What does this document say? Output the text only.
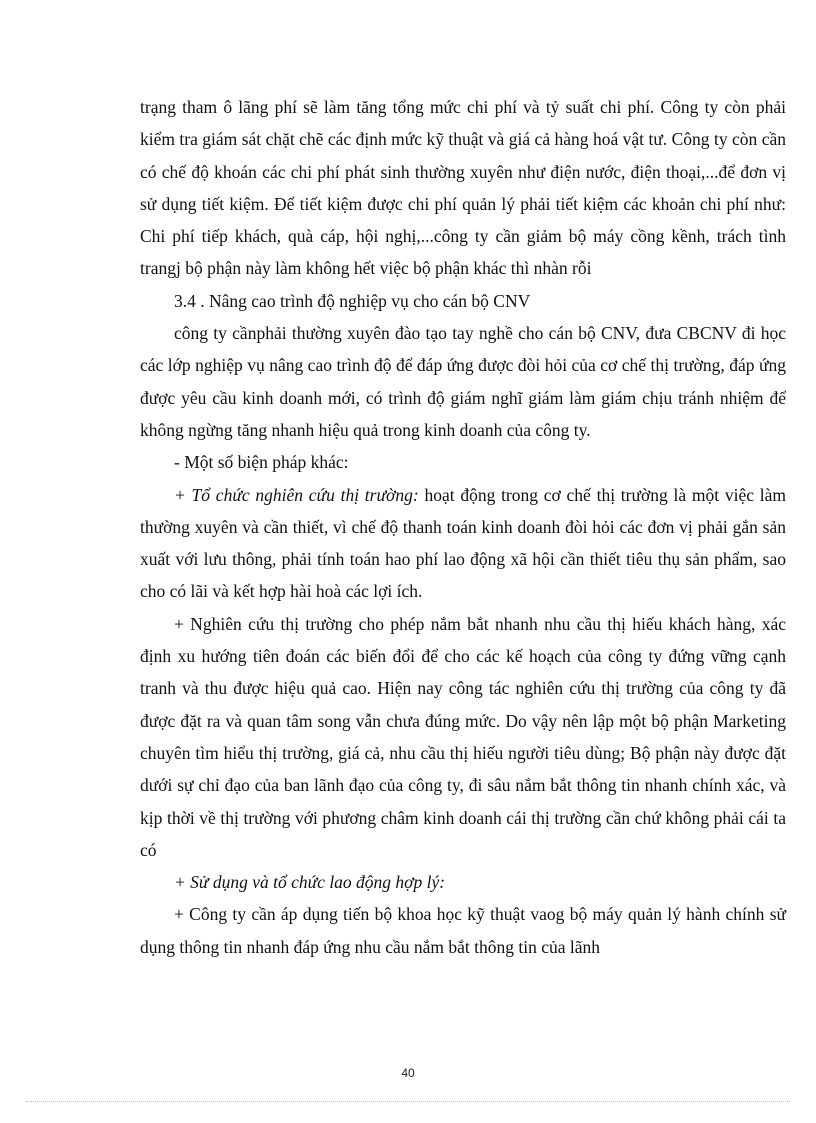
trạng tham ô lãng phí sẽ làm tăng tổng mức chi phí và tỷ suất chi phí. Công ty còn phải kiểm tra giám sát chặt chẽ các định mức kỹ thuật và giá cả hàng hoá vật tư. Công ty còn cần có chế độ khoán các chi phí phát sinh thường xuyên như điện nước, điện thoại,...để đơn vị sử dụng tiết kiệm. Để tiết kiệm được chi phí quản lý phải tiết kiệm các khoản chi phí như: Chi phí tiếp khách, quà cáp, hội nghị,...công ty cần giảm bộ máy cồng kềnh, trách tình trangj bộ phận này làm không hết việc bộ phận khác thì nhàn rỗi

3.4 . Nâng cao trình độ nghiệp vụ cho cán bộ CNV

công ty cầnphải thường xuyên đào tạo tay nghề cho cán bộ CNV, đưa CBCNV đi học các lớp nghiệp vụ nâng cao trình độ để đáp ứng được đòi hỏi của cơ chế thị trường, đáp ứng được yêu cầu kinh doanh mới, có trình độ giám nghĩ giám làm giám chịu tránh nhiệm để không ngừng tăng nhanh hiệu quả trong kinh doanh của công ty.

- Một số biện pháp khác:

+ Tổ chức nghiên cứu thị trường: hoạt động trong cơ chế thị trường là một việc làm thường xuyên và cần thiết, vì chế độ thanh toán kinh doanh đòi hỏi các đơn vị phải gắn sản xuất với lưu thông, phải tính toán hao phí lao động xã hội cần thiết tiêu thụ sản phẩm, sao cho có lãi và kết hợp hài hoà các lợi ích.

+ Nghiên cứu thị trường cho phép nắm bắt nhanh nhu cầu thị hiếu khách hàng, xác định xu hướng tiên đoán các biến đổi để cho các kế hoạch của công ty đứng vững cạnh tranh và thu được hiệu quả cao. Hiện nay công tác nghiên cứu thị trường của công ty đã được đặt ra và quan tâm song vẫn chưa đúng mức. Do vậy nên lập một bộ phận Marketing chuyên tìm hiểu thị trường, giá cả, nhu cầu thị hiếu người tiêu dùng; Bộ phận này được đặt dưới sự chỉ đạo của ban lãnh đạo của công ty, đi sâu nắm bắt thông tin nhanh chính xác, và kịp thời về thị trường với phương châm kinh doanh cái thị trường cần chứ không phải cái ta có

+ Sử dụng và tổ chức lao động hợp lý:

+ Công ty cần áp dụng tiến bộ khoa học kỹ thuật vaog bộ máy quản lý hành chính sử dụng thông tin nhanh đáp ứng nhu cầu nắm bắt thông tin của lãnh

40
